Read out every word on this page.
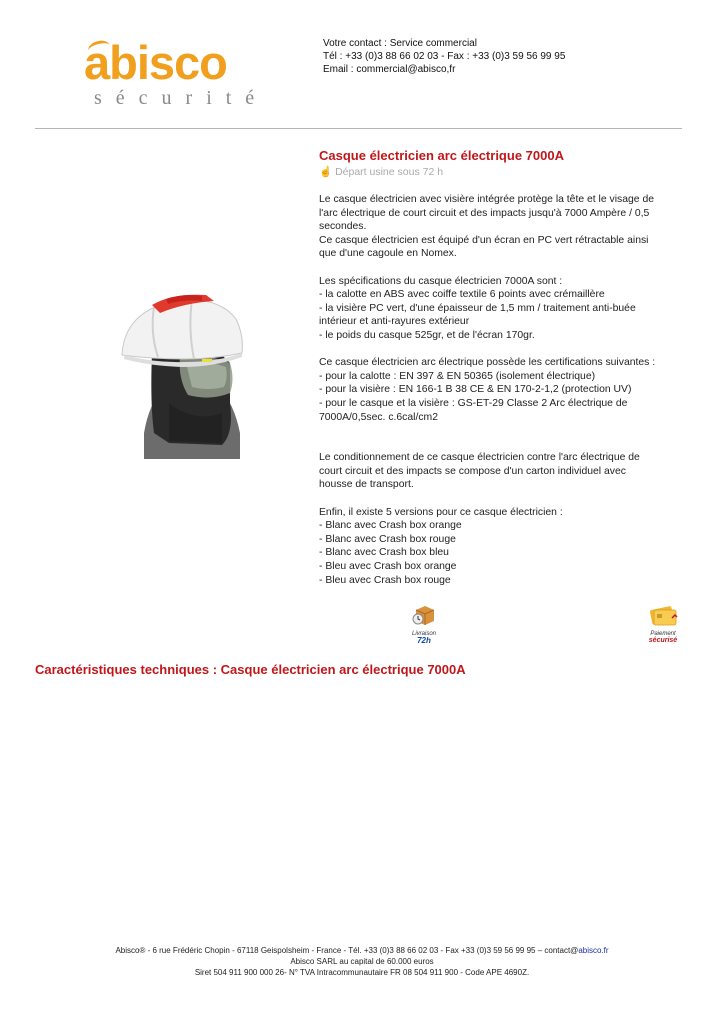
abisco
sécurité
Votre contact : Service commercial
Tél : +33 (0)3 88 66 02 03 - Fax : +33 (0)3 59 56 99 95
Email : commercial@abisco,fr
Casque électricien arc électrique 7000A
☝ Départ usine sous 72 h

Le casque électricien avec visière intégrée protège la tête et le visage de

l'arc électrique de court circuit et des impacts jusqu'à 7000 Ampère / 0,5

secondes.

Ce casque électricien est équipé d'un écran en PC vert rétractable ainsi

que d'une cagoule en Nomex.

Les spécifications du casque électricien 7000A sont :

- la calotte en ABS avec coiffe textile 6 points avec crémaillère

- la visière PC vert, d'une épaisseur de 1,5 mm / traitement anti-buée

intérieur et anti-rayures extérieur

- le poids du casque 525gr, et de l'écran 170gr.

Ce casque électricien arc électrique possède les certifications suivantes :

- pour la calotte : EN 397 & EN 50365 (isolement électrique)

- pour la visière : EN 166-1 B 38 CE & EN 170-2-1,2 (protection UV)

- pour le casque et la visière : GS-ET-29 Classe 2 Arc électrique de

7000A/0,5sec. c.6cal/cm2

Le conditionnement de ce casque électricien contre l'arc électrique de

court circuit et des impacts se compose d'un carton individuel avec

housse de transport.

Enfin, il existe 5 versions pour ce casque électricien :

- Blanc avec Crash box orange

- Blanc avec Crash box rouge

- Blanc avec Crash box bleu

- Bleu avec Crash box orange

- Bleu avec Crash box rouge

Livraison
72h
Paiement
sécurisé
Caractéristiques techniques : Casque électricien arc électrique 7000A
Abisco® - 6 rue Frédéric Chopin - 67118 Geispolsheim - France - Tél. +33 (0)3 88 66 02 03 - Fax +33 (0)3 59 56 99 95 – contact@abisco.fr
Abisco SARL au capital de 60.000 euros
Siret 504 911 900 000 26- N° TVA Intracommunautaire FR 08 504 911 900 - Code APE 4690Z.
